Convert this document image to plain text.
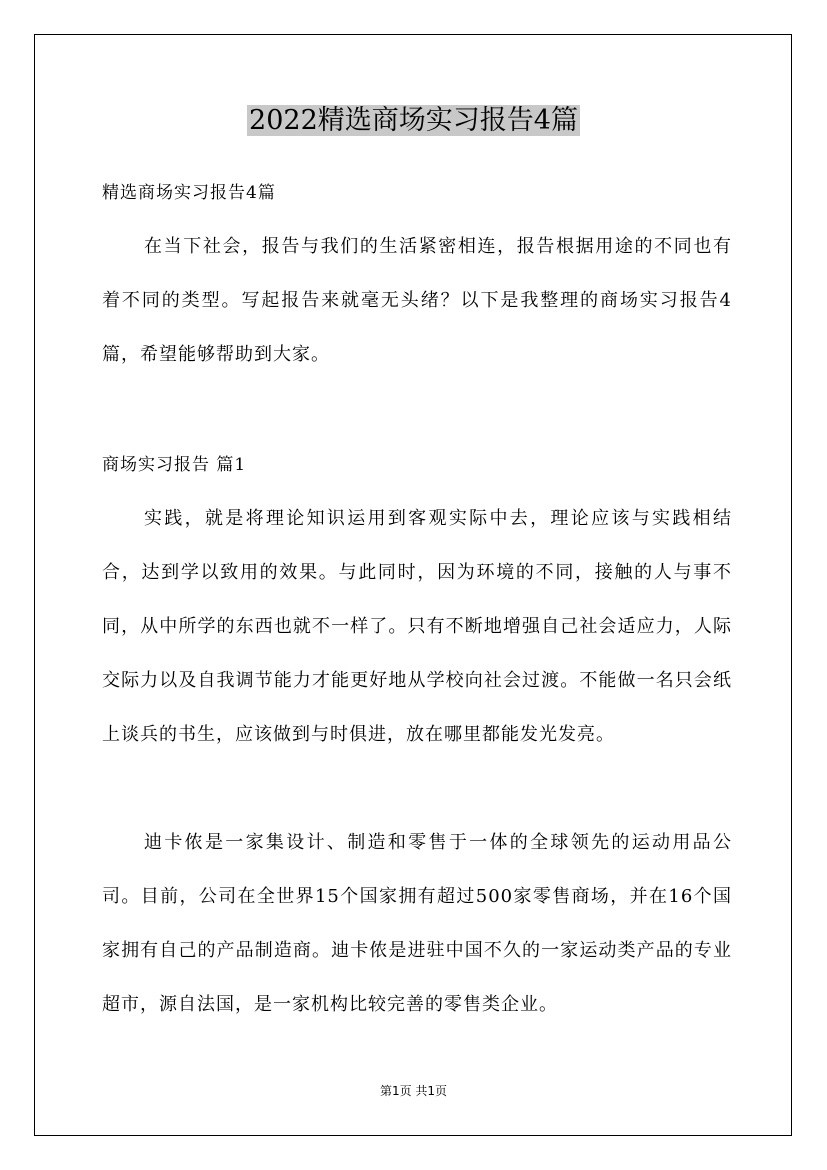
2022精选商场实习报告4篇

精选商场实习报告4篇

在当下社会，报告与我们的生活紧密相连，报告根据用途的不同也有着不同的类型。写起报告来就毫无头绪？以下是我整理的商场实习报告4篇，希望能够帮助到大家。

商场实习报告 篇1

实践，就是将理论知识运用到客观实际中去，理论应该与实践相结合，达到学以致用的效果。与此同时，因为环境的不同，接触的人与事不同，从中所学的东西也就不一样了。只有不断地增强自己社会适应力，人际交际力以及自我调节能力才能更好地从学校向社会过渡。不能做一名只会纸上谈兵的书生，应该做到与时俱进，放在哪里都能发光发亮。

迪卡侬是一家集设计、制造和零售于一体的全球领先的运动用品公司。目前，公司在全世界15个国家拥有超过500家零售商场，并在16个国家拥有自己的产品制造商。迪卡侬是进驻中国不久的一家运动类产品的专业超市，源自法国，是一家机构比较完善的零售类企业。

第1页 共1页
